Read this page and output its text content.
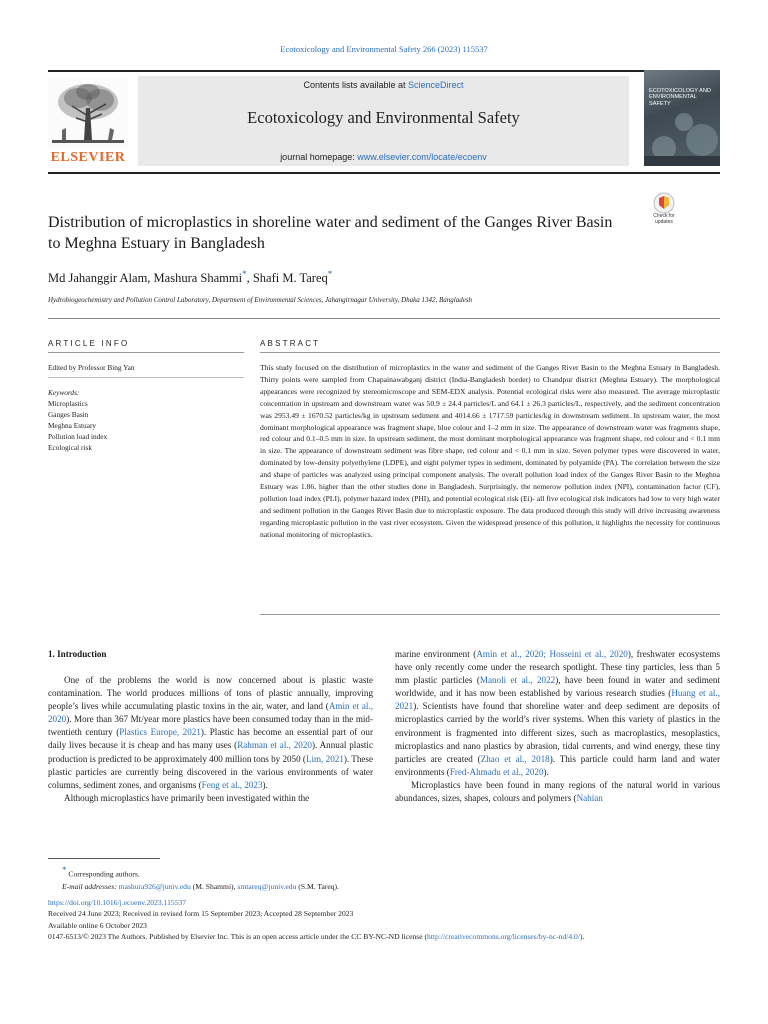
Ecotoxicology and Environmental Safety 266 (2023) 115537
ELSEVIER
Contents lists available at ScienceDirect
Ecotoxicology and Environmental Safety
journal homepage: www.elsevier.com/locate/ecoenv
ECOTOXICOLOGY AND ENVIRONMENTAL SAFETY
Distribution of microplastics in shoreline water and sediment of the Ganges River Basin to Meghna Estuary in Bangladesh
Check for updates
Md Jahanggir Alam, Mashura Shammi*, Shafi M. Tareq*
Hydrobiogeochemistry and Pollution Control Laboratory, Department of Environmental Sciences, Jahangirnagar University, Dhaka 1342, Bangladesh
ARTICLE INFO	ABSTRACT
Edited by Professor Bing Yan
Keywords:
Microplastics
Ganges Basin
Meghna Estuary
Pollution load index
Ecological risk
This study focused on the distribution of microplastics in the water and sediment of the Ganges River Basin to the Meghna Estuary in Bangladesh. Thirty points were sampled from Chapainawabganj district (India-Bangladesh border) to Chandpur district (Meghna Estuary). The morphological appearances were recognized by stereomicroscope and SEM-EDX analysis. Potential ecological risks were also measured. The average microplastic concentration in upstream and downstream water was 50.9 ± 24.4 particles/L and 64.1 ± 26.3 particles/L, respectively, and the sediment concentration was 2953.49 ± 1670.52 particles/kg in upstream sediment and 4014.66 ± 1717.59 particles/kg in downstream sediment. In upstream water, the most dominant morphological appearance was fragment shape, blue colour and 1–2 mm in size. The appearance of downstream water was fragments shape, red colour and 0.1–0.5 mm in size. In upstream sediment, the most dominant morphological appearance was fragment shape, red colour and < 0.1 mm in size. The appearance of downstream sediment was fibre shape, red colour and < 0.1 mm in size. Seven polymer types were discovered in water, dominated by low-density polyethylene (LDPE), and eight polymer types in sediment, dominated by polyamide (PA). The correlation between the size and shape of particles was analyzed using principal component analysis. The overall pollution load index of the Ganges River Basin to the Meghna Estuary was 1.86, higher than the other studies done in Bangladesh. Surprisingly, the nemerow pollution index (NPI), contamination factor (CF), pollution load index (PLI), polymer hazard index (PHI), and potential ecological risk (Ei)- all five ecological risk indicators had low to very high water and sediment pollution in the Ganges River Basin due to microplastic exposure. The data produced through this study will drive increasing awareness regarding microplastic pollution in the vast river ecosystem. Given the widespread presence of this pollution, it highlights the necessity for continuous national monitoring of microplastics.
1. Introduction

One of the problems the world is now concerned about is plastic waste contamination. The world produces millions of tons of plastic annually, improving people’s lives while accumulating plastic toxins in the air, water, and land (Amin et al., 2020). More than 367 Mt/year more plastics have been consumed today than in the mid-twentieth century (Plastics Europe, 2021). Plastic has become an essential part of our daily lives because it is cheap and has many uses (Rahman et al., 2020). Annual plastic production is predicted to be approximately 400 million tons by 2050 (Lim, 2021). These plastic particles are currently being discovered in the various environments of water columns, sediment zones, and organisms (Feng et al., 2023).

Although microplastics have primarily been investigated within the

marine environment (Amin et al., 2020; Hosseini et al., 2020), freshwater ecosystems have only recently come under the research spotlight. These tiny particles, less than 5 mm plastic particles (Manoli et al., 2022), have been found in water and sediment worldwide, and it has now been established by various research studies (Huang et al., 2021). Scientists have found that shoreline water and deep sediment are deposits of microplastics carried by the world’s river systems. When this variety of plastics in the environment is fragmented into different sizes, such as macroplastics, mesoplastics, microplastics and nano plastics by abrasion, tidal currents, and wind energy, these tiny particles are created (Zhao et al., 2018). This particle could harm land and water environments (Fred-Ahmadu et al., 2020).

Microplastics have been found in many regions of the natural world in various abundances, sizes, shapes, colours and polymers (Nahian

* Corresponding authors.
E-mail addresses: mashura926@juniv.edu (M. Shammi), smtareq@juniv.edu (S.M. Tareq).
https://doi.org/10.1016/j.ecoenv.2023.115537
Received 24 June 2023; Received in revised form 15 September 2023; Accepted 28 September 2023
Available online 6 October 2023
0147-6513/© 2023 The Authors. Published by Elsevier Inc. This is an open access article under the CC BY-NC-ND license (http://creativecommons.org/licenses/by-nc-nd/4.0/).
